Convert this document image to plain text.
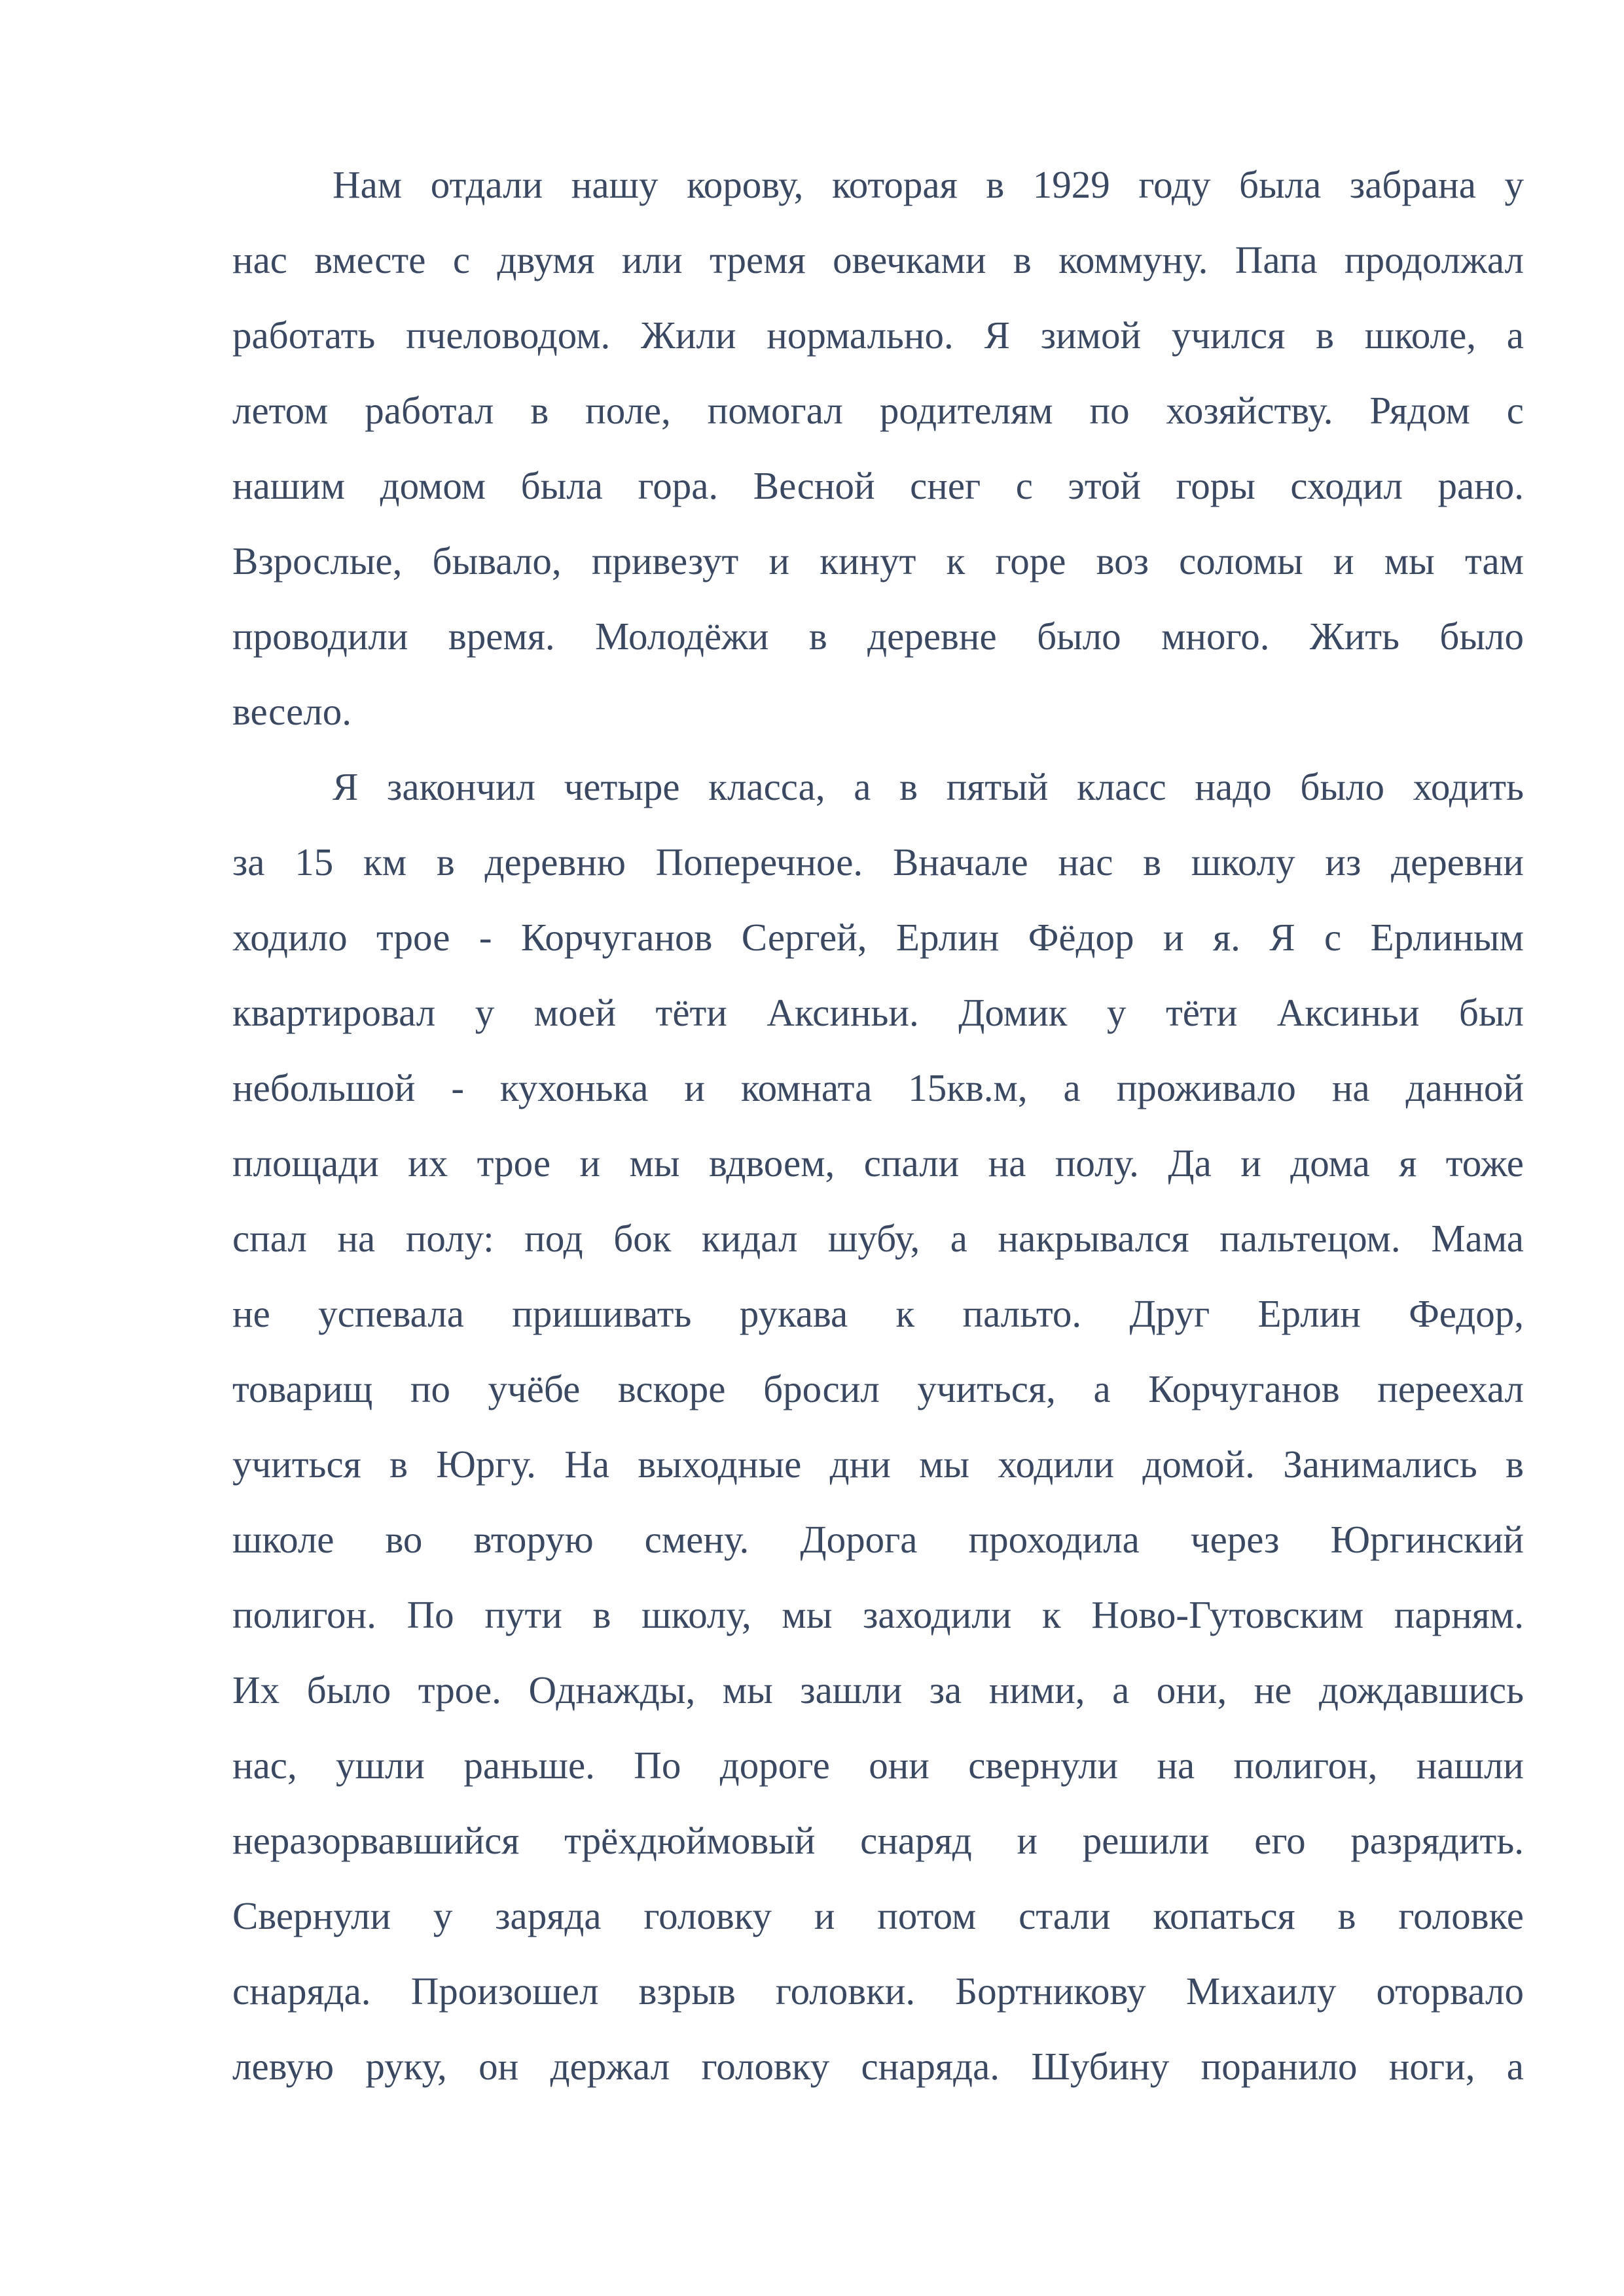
Нам отдали нашу корову, которая в 1929 году была забрана у
нас вместе с двумя или тремя овечками в коммуну. Папа продолжал
работать пчеловодом. Жили нормально. Я зимой учился в школе, а
летом работал в поле, помогал родителям по хозяйству. Рядом с
нашим домом была гора. Весной снег с этой горы сходил рано.
Взрослые, бывало, привезут и кинут к горе воз соломы и мы там
проводили время. Молодёжи в деревне было много. Жить было
весело.
Я закончил четыре класса, а в пятый класс надо было ходить
за 15 км в деревню Поперечное. Вначале нас в школу из деревни
ходило трое - Корчуганов Сергей, Ерлин Фёдор и я. Я с Ерлиным
квартировал у моей тёти Аксиньи. Домик у тёти Аксиньи был
небольшой - кухонька и комната 15кв.м, а проживало на данной
площади их трое и мы вдвоем, спали на полу. Да и дома я тоже
спал на полу: под бок кидал шубу, а накрывался пальтецом. Мама
не успевала пришивать рукава к пальто. Друг Ерлин Федор,
товарищ по учёбе вскоре бросил учиться, а Корчуганов переехал
учиться в Юргу. На выходные дни мы ходили домой. Занимались в
школе во вторую смену. Дорога проходила через Юргинский
полигон. По пути в школу, мы заходили к Ново-Гутовским парням.
Их было трое. Однажды, мы зашли за ними, а они, не дождавшись
нас, ушли раньше. По дороге они свернули на полигон, нашли
неразорвавшийся трёхдюймовый снаряд и решили его разрядить.
Свернули у заряда головку и потом стали копаться в головке
снаряда. Произошел взрыв головки. Бортникову Михаилу оторвало
левую руку, он держал головку снаряда. Шубину поранило ноги, а
